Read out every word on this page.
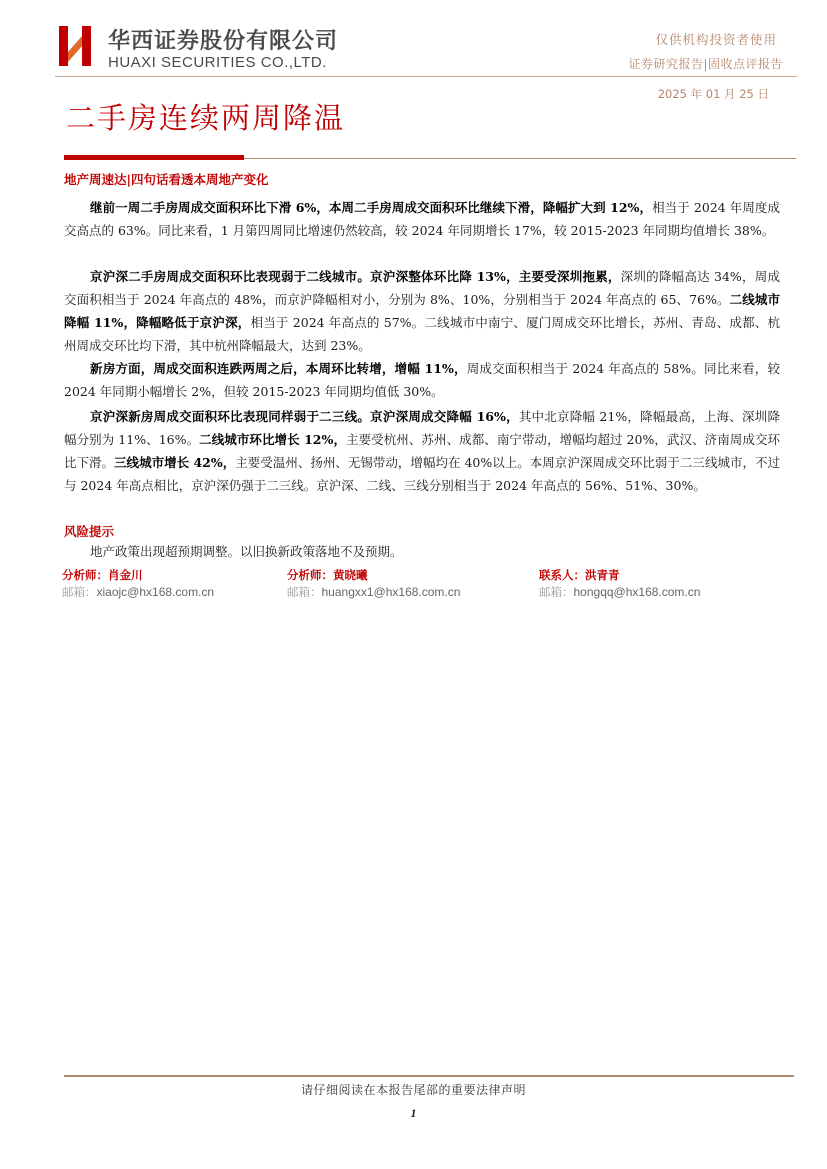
华西证券股份有限公司
HUAXI SECURITIES CO.,LTD.
仅供机构投资者使用
证券研究报告|固收点评报告
2025 年 01 月 25 日
二手房连续两周降温
地产周速达|四句话看透本周地产变化

继前一周二手房周成交面积环比下滑 6%，本周二手房周成交面积环比继续下滑，降幅扩大到 12%，相当于 2024 年周度成交高点的 63%。同比来看，1 月第四周同比增速仍然较高，较 2024 年同期增长 17%，较 2015-2023 年同期均值增长 38%。

京沪深二手房周成交面积环比表现弱于二线城市。京沪深整体环比降 13%，主要受深圳拖累，深圳的降幅高达 34%，周成交面积相当于 2024 年高点的 48%，而京沪降幅相对小，分别为 8%、10%，分别相当于 2024 年高点的 65、76%。二线城市降幅 11%，降幅略低于京沪深，相当于 2024 年高点的 57%。二线城市中南宁、厦门周成交环比增长，苏州、青岛、成都、杭州周成交环比均下滑，其中杭州降幅最大，达到 23%。

新房方面，周成交面积连跌两周之后，本周环比转增，增幅 11%，周成交面积相当于 2024 年高点的 58%。同比来看，较 2024 年同期小幅增长 2%，但较 2015-2023 年同期均值低 30%。

京沪深新房周成交面积环比表现同样弱于二三线。京沪深周成交降幅 16%，其中北京降幅 21%，降幅最高，上海、深圳降幅分别为 11%、16%。二线城市环比增长 12%，主要受杭州、苏州、成都、南宁带动，增幅均超过 20%，武汉、济南周成交环比下滑。三线城市增长 42%，主要受温州、扬州、无锡带动，增幅均在 40%以上。本周京沪深周成交环比弱于二三线城市，不过与 2024 年高点相比，京沪深仍强于二三线。京沪深、二线、三线分别相当于 2024 年高点的 56%、51%、30%。

风险提示
地产政策出现超预期调整。以旧换新政策落地不及预期。
分析师：肖金川
邮箱：xiaojc@hx168.com.cn
分析师：黄晓曦
邮箱：huangxx1@hx168.com.cn
联系人：洪青青
邮箱：hongqq@hx168.com.cn
请仔细阅读在本报告尾部的重要法律声明
1
